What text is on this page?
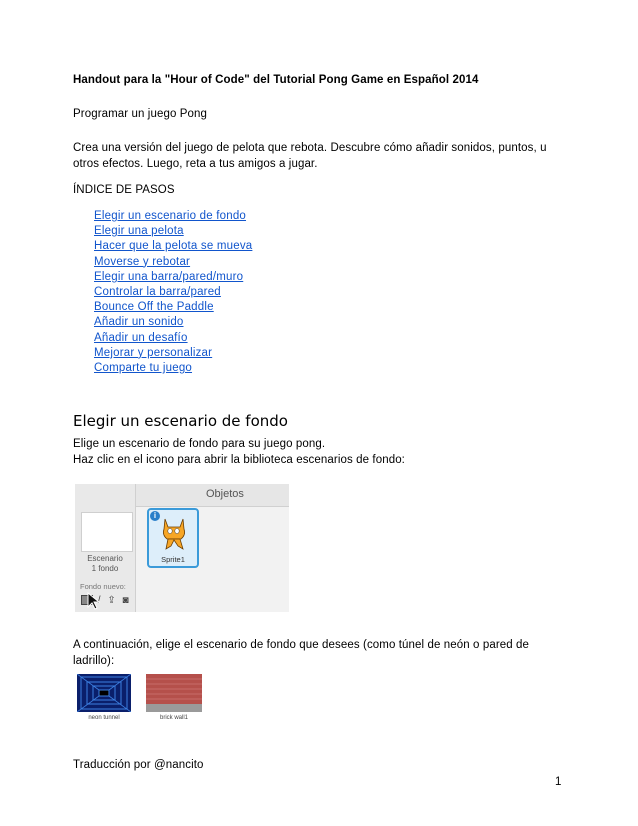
Handout para la "Hour of Code" del Tutorial Pong Game en Español 2014
Programar un juego Pong
Crea una versión del juego de pelota que rebota. Descubre cómo añadir sonidos, puntos, u
otros efectos. Luego, reta a tus amigos a jugar.
ÍNDICE DE PASOS
Elegir un escenario de fondo
Elegir una pelota
Hacer que la pelota se mueva
Moverse y rebotar
Elegir una barra/pared/muro
Controlar la barra/pared
Bounce Off the Paddle
Añadir un sonido
Añadir un desafío
Mejorar y personalizar
Comparte tu juego
Elegir un escenario de fondo
Elige un escenario de fondo para su juego pong.
Haz clic en el icono para abrir la biblioteca escenarios de fondo:
Escenario
1 fondo
Fondo nuevo:
/ ⇪ ◙
Objetos
i
Sprite1
A continuación, elige el escenario de fondo que desees (como túnel de neón o pared de
ladrillo):
neon tunnel	brick wall1
Traducción por @nancito
1
